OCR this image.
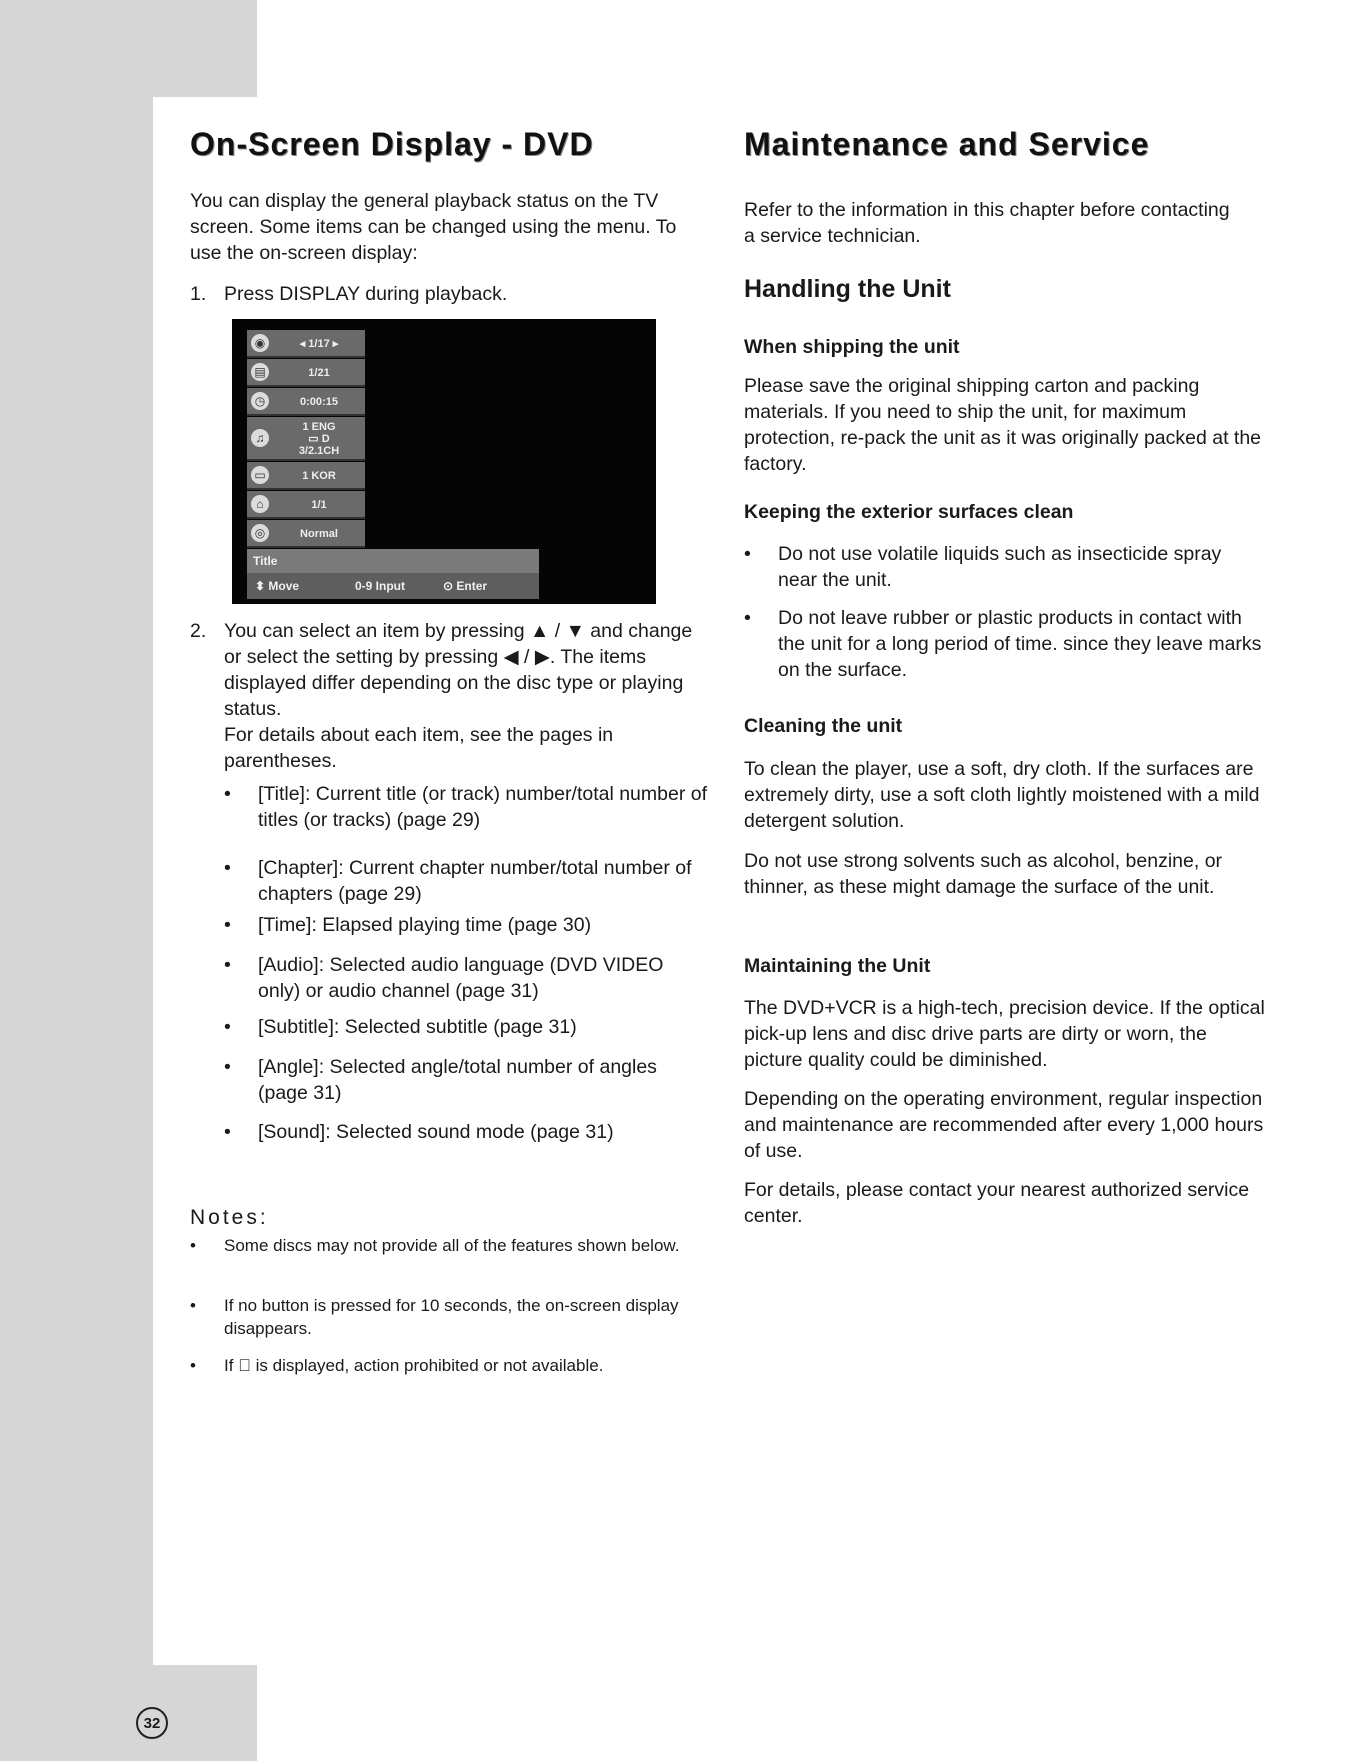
32
On-Screen Display - DVD

You can display the general playback status on the TV screen. Some items can be changed using the menu. To use the on-screen display:

1. Press DISPLAY during playback.

◉	◂ 1/17 ▸
▤	1/21
◷	0:00:15
♫
1 ENG
▭ D
3/2.1CH
▭	1 KOR
⌂	1/1
◎	Normal
Title
⬍ Move	0-9 Input	⊙ Enter
2. You can select an item by pressing ▲ / ▼ and change or select the setting by pressing ◀ / ▶. The items displayed differ depending on the disc type or playing status.

For details about each item, see the pages in parentheses.

• [Title]: Current title (or track) number/total number of titles (or tracks) (page 29)
• [Chapter]: Current chapter number/total number of chapters (page 29)
• [Time]: Elapsed playing time (page 30)
• [Audio]: Selected audio language (DVD VIDEO only) or audio channel (page 31)
• [Subtitle]: Selected subtitle (page 31)
• [Angle]: Selected angle/total number of angles (page 31)
• [Sound]: Selected sound mode (page 31)
Notes:
• Some discs may not provide all of the features shown below.
• If no button is pressed for 10 seconds, the on-screen display disappears.
• If ⃠ is displayed, action prohibited or not available.
Maintenance and Service

Refer to the information in this chapter before contacting a service technician.

Handling the Unit
When shipping the unit

Please save the original shipping carton and packing materials. If you need to ship the unit, for maximum protection, re-pack the unit as it was originally packed at the factory.

Keeping the exterior surfaces clean
• Do not use volatile liquids such as insecticide spray near the unit.
• Do not leave rubber or plastic products in contact with the unit for a long period of time. since they leave marks on the surface.
Cleaning the unit

To clean the player, use a soft, dry cloth. If the surfaces are extremely dirty, use a soft cloth lightly moistened with a mild detergent solution.

Do not use strong solvents such as alcohol, benzine, or thinner, as these might damage the surface of the unit.

Maintaining the Unit

The DVD+VCR is a high-tech, precision device. If the optical pick-up lens and disc drive parts are dirty or worn, the picture quality could be diminished.

Depending on the operating environment, regular inspection and maintenance are recommended after every 1,000 hours of use.

For details, please contact your nearest authorized service center.
